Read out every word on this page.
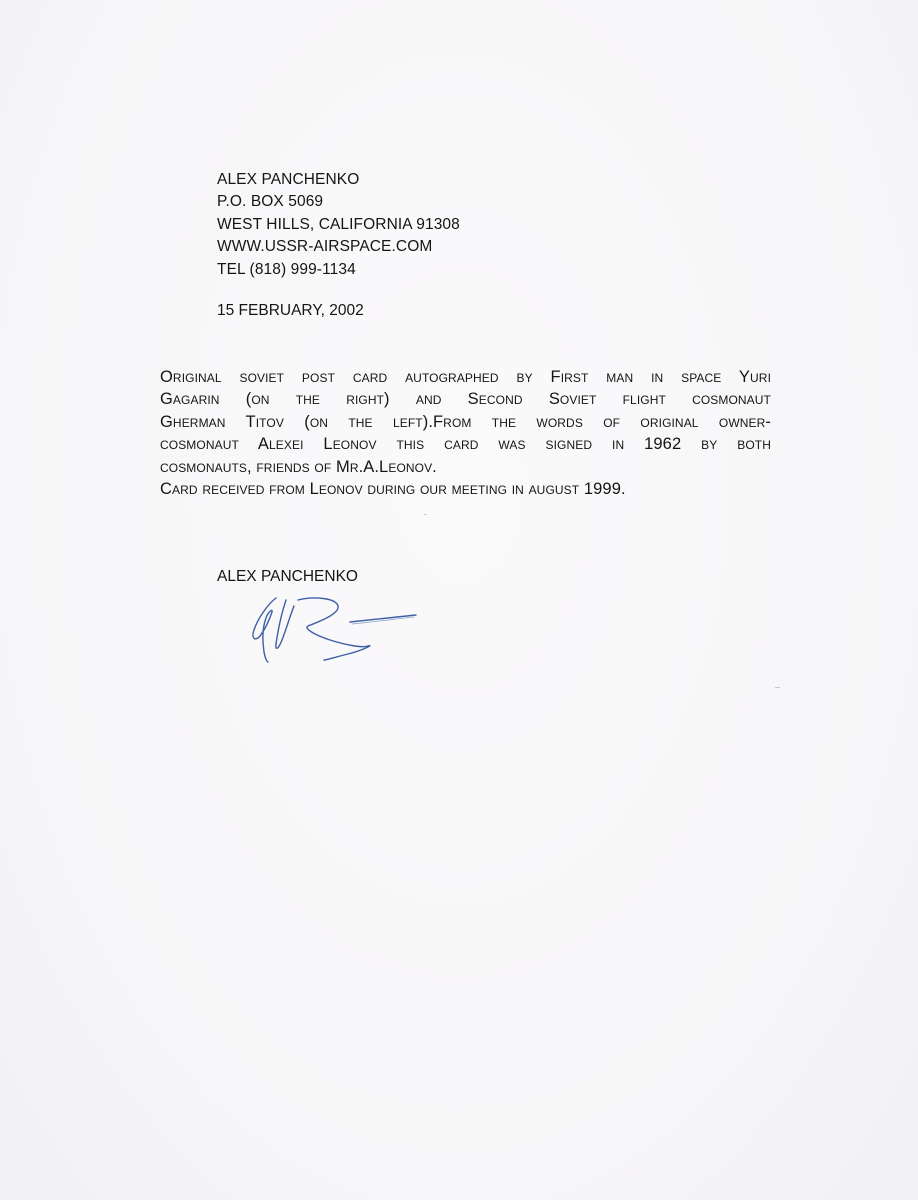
ALEX PANCHENKO
P.O. BOX 5069
WEST HILLS, CALIFORNIA 91308
WWW.USSR-AIRSPACE.COM
TEL (818) 999-1134
15 FEBRUARY, 2002
Original soviet post card autographed by First man in space Yuri
Gagarin (on the right) and Second Soviet flight cosmonaut
Gherman Titov (on the left).From the words of original owner-
cosmonaut Alexei Leonov this card was signed in 1962 by both
cosmonauts, friends of Mr.A.Leonov.
Card received from Leonov during our meeting in august 1999.
ALEX PANCHENKO
